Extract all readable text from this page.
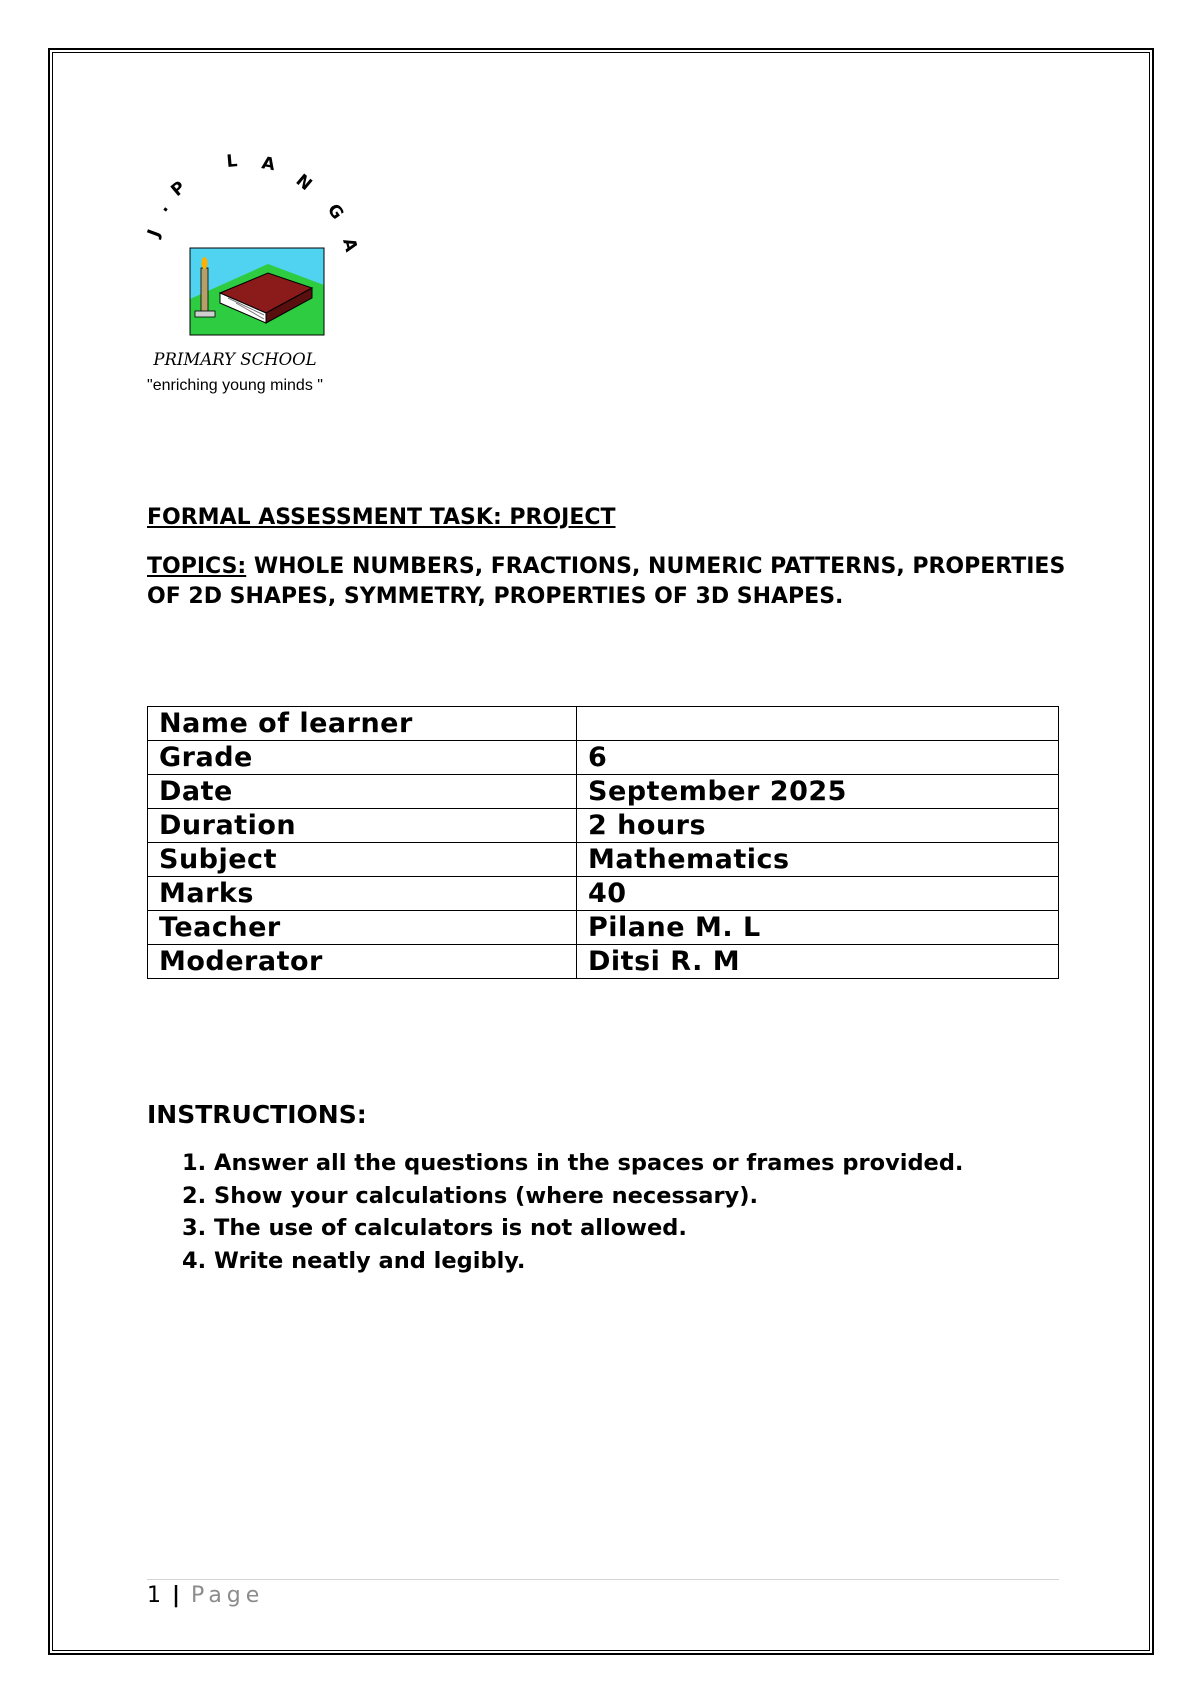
J
.
P
L A
N
G
A
PRIMARY SCHOOL
"enriching young minds "
FORMAL ASSESSMENT TASK: PROJECT
TOPICS: WHOLE NUMBERS, FRACTIONS, NUMERIC PATTERNS, PROPERTIES OF 2D SHAPES, SYMMETRY, PROPERTIES OF 3D SHAPES.
Name of learner	
Grade	6
Date	September 2025
Duration	2 hours
Subject	Mathematics
Marks	40
Teacher	Pilane M. L
Moderator	Ditsi R. M
INSTRUCTIONS:
1. Answer all the questions in the spaces or frames provided.
2. Show your calculations (where necessary).
3. The use of calculators is not allowed.
4. Write neatly and legibly.
1 | Page
